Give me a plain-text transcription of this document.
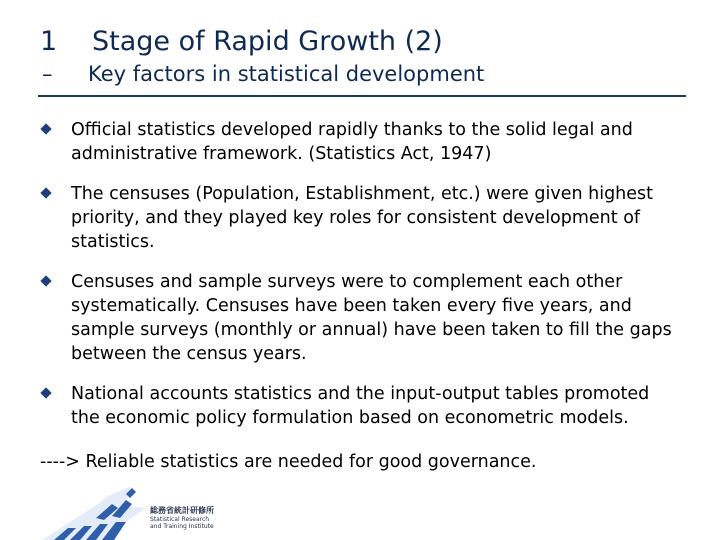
1 Stage of Rapid Growth (2)
– Key factors in statistical development
Official statistics developed rapidly thanks to the solid legal and administrative framework. (Statistics Act, 1947)
The censuses (Population, Establishment, etc.) were given highest priority, and they played key roles for consistent development of statistics.
Censuses and sample surveys were to complement each other systematically. Censuses have been taken every five years, and sample surveys (monthly or annual) have been taken to fill the gaps between the census years.
National accounts statistics and the input-output tables promoted the economic policy formulation based on econometric models.
----> Reliable statistics are needed for good governance.
総務省統計研修所
Statistical Research
and Training Institute
